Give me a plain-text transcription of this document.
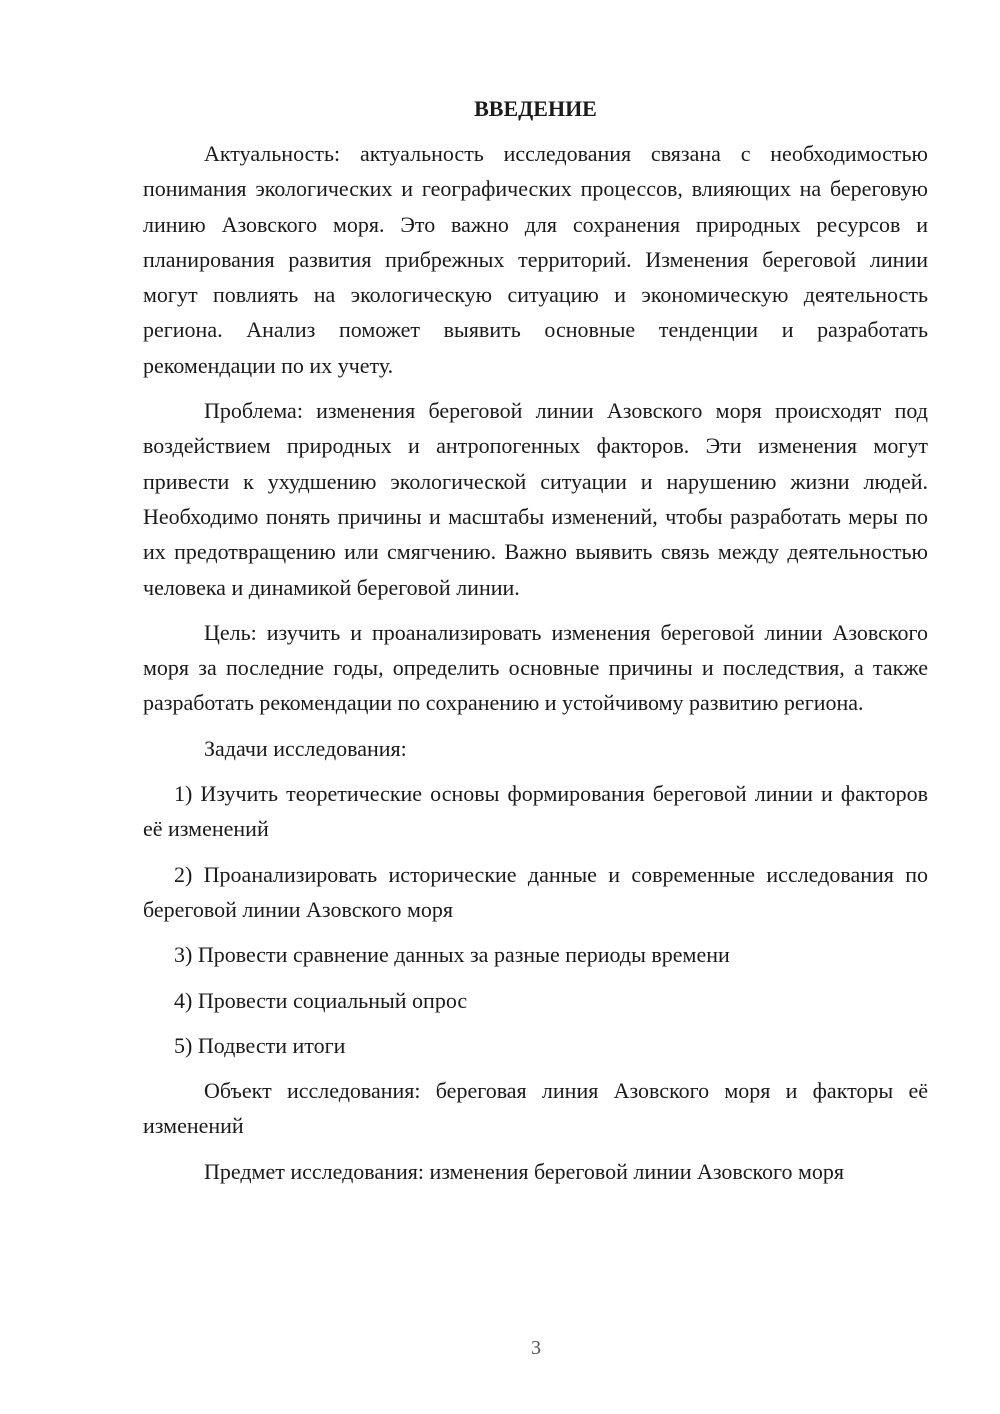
ВВЕДЕНИЕ

Актуальность: актуальность исследования связана с необходимостью понимания экологических и географических процессов, влияющих на береговую линию Азовского моря. Это важно для сохранения природных ресурсов и планирования развития прибрежных территорий. Изменения береговой линии могут повлиять на экологическую ситуацию и экономическую деятельность региона. Анализ поможет выявить основные тенденции и разработать рекомендации по их учету.

Проблема: изменения береговой линии Азовского моря происходят под воздействием природных и антропогенных факторов. Эти изменения могут привести к ухудшению экологической ситуации и нарушению жизни людей. Необходимо понять причины и масштабы изменений, чтобы разработать меры по их предотвращению или смягчению. Важно выявить связь между деятельностью человека и динамикой береговой линии.

Цель: изучить и проанализировать изменения береговой линии Азовского моря за последние годы, определить основные причины и последствия, а также разработать рекомендации по сохранению и устойчивому развитию региона.

Задачи исследования:

1) Изучить теоретические основы формирования береговой линии и факторов её изменений

2) Проанализировать исторические данные и современные исследования по береговой линии Азовского моря

3) Провести сравнение данных за разные периоды времени

4) Провести социальный опрос

5) Подвести итоги

Объект исследования: береговая линия Азовского моря и факторы её изменений

Предмет исследования: изменения береговой линии Азовского моря

3
